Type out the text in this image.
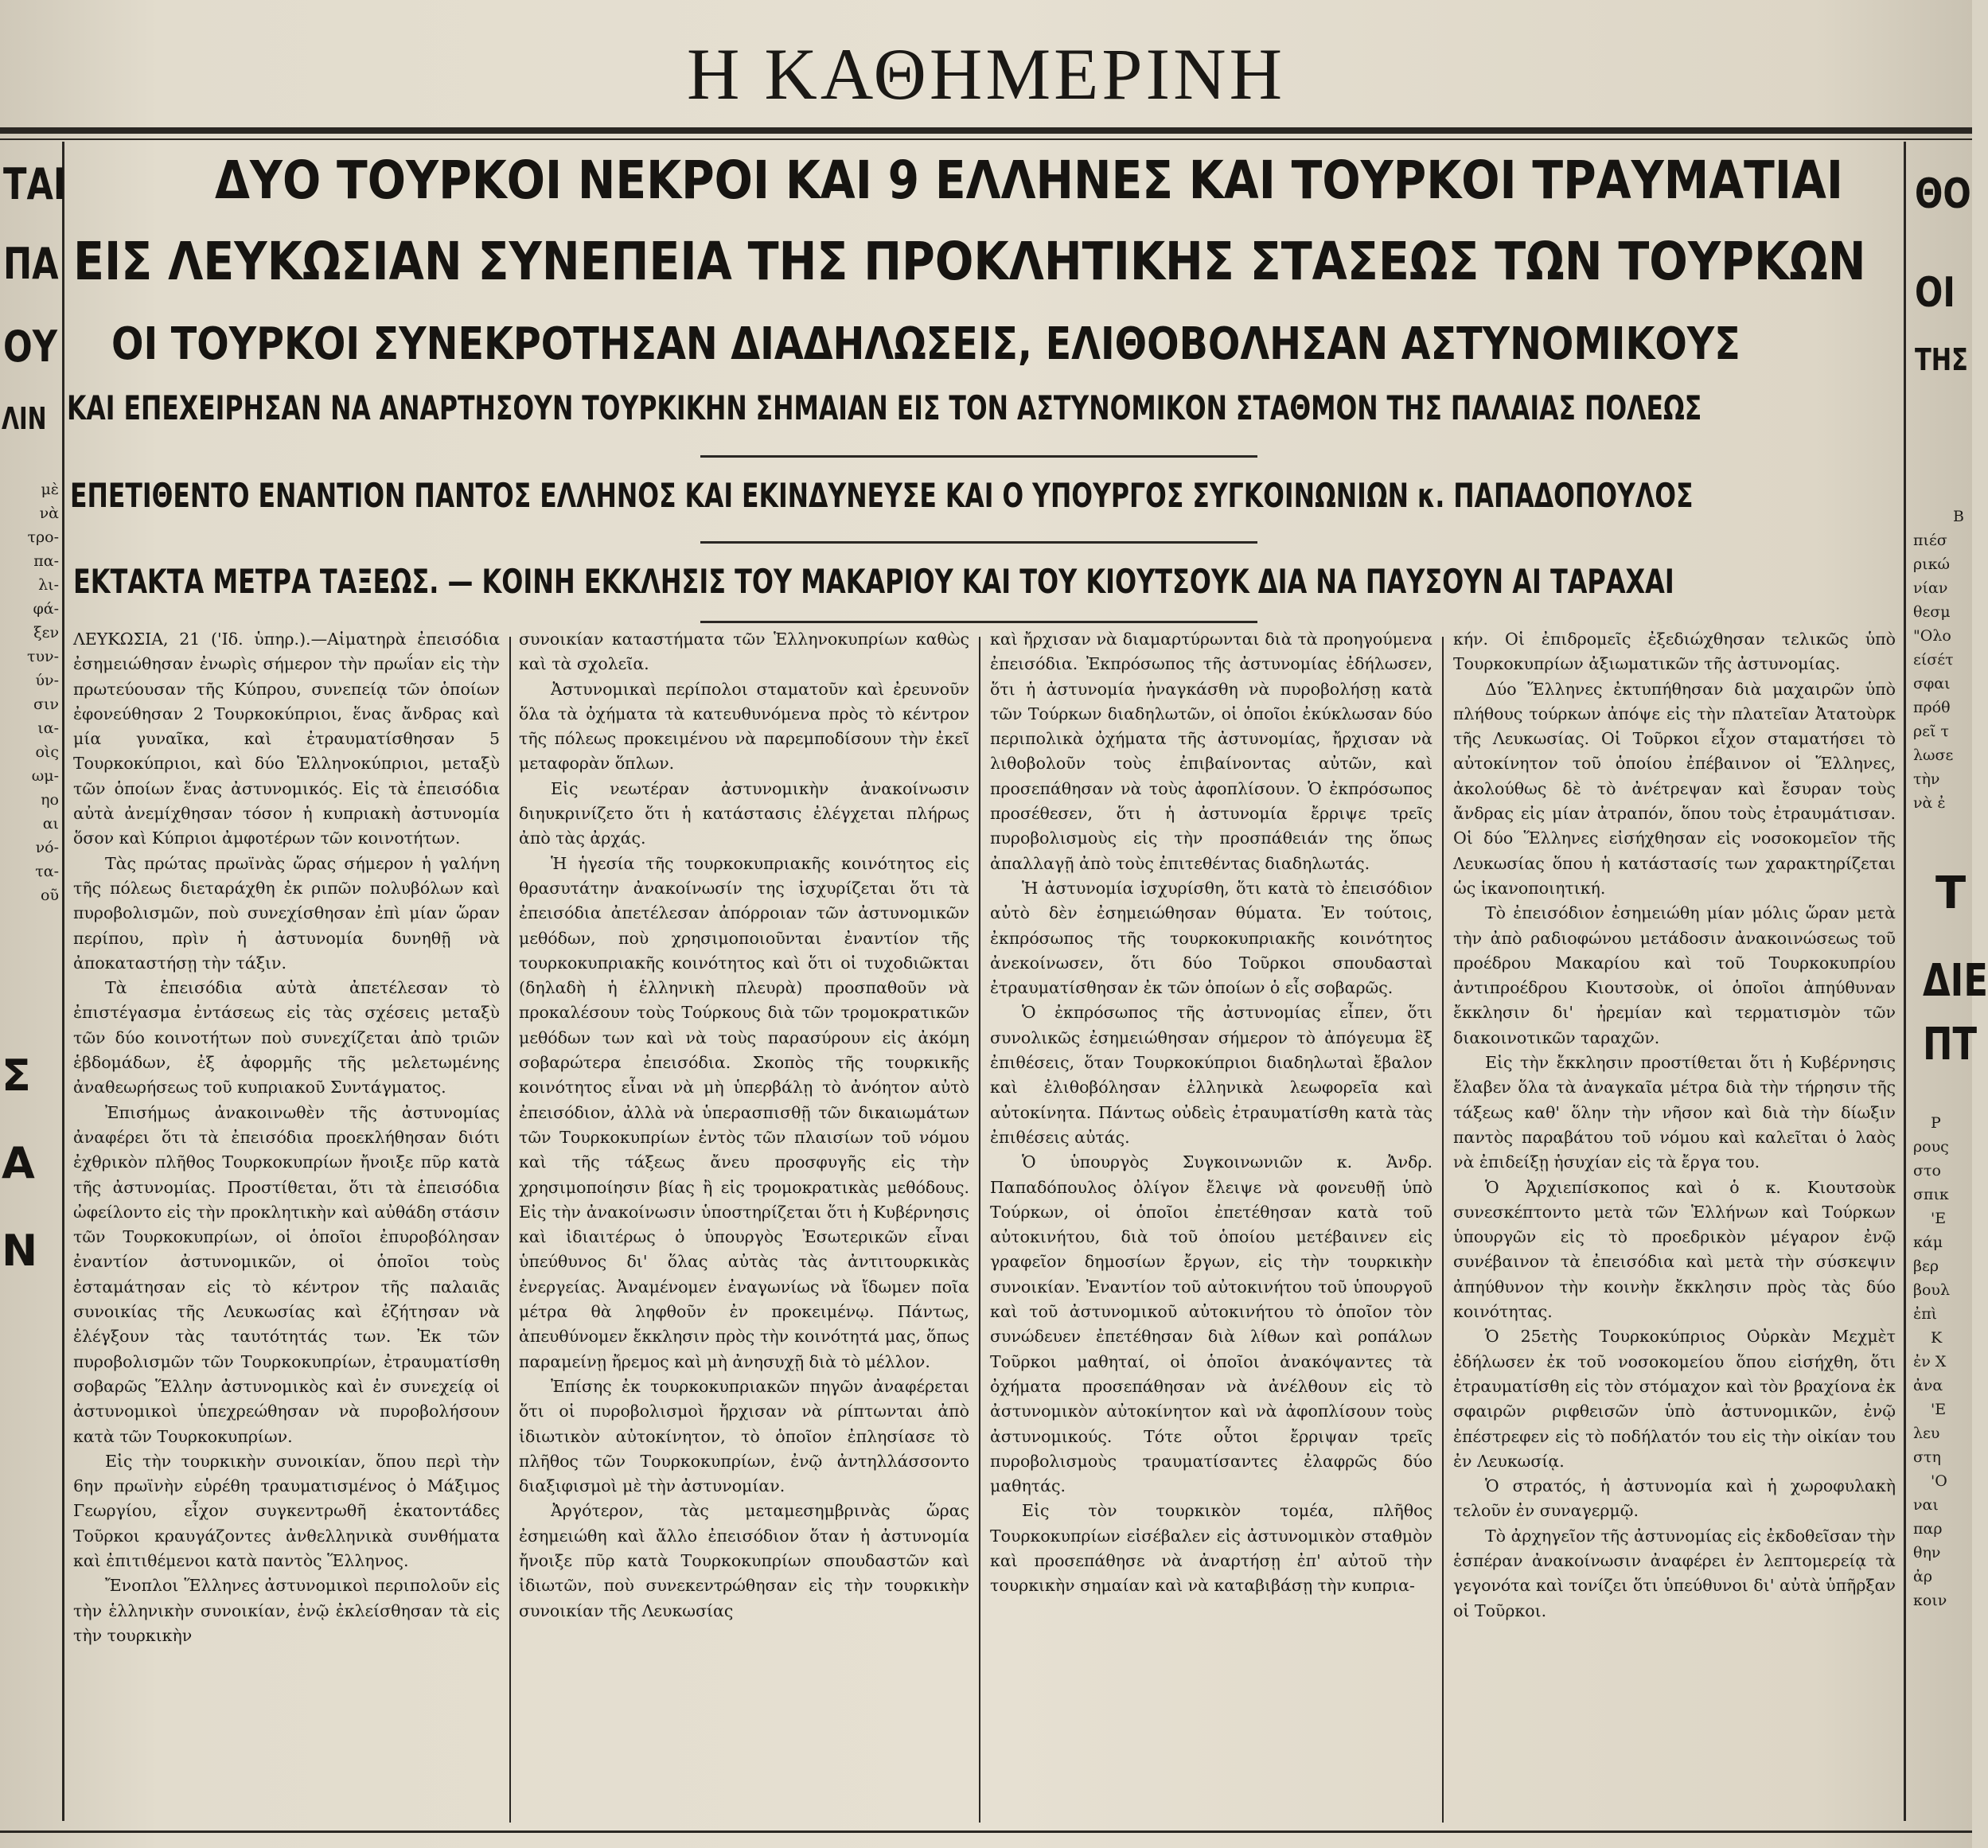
Η ΚΑΘΗΜΕΡΙΝΗ
ΔΥΟ ΤΟΥΡΚΟΙ ΝΕΚΡΟΙ ΚΑΙ 9 ΕΛΛΗΝΕΣ ΚΑΙ ΤΟΥΡΚΟΙ ΤΡΑΥΜΑΤΙΑΙ
ΕΙΣ ΛΕΥΚΩΣΙΑΝ ΣΥΝΕΠΕΙΑ ΤΗΣ ΠΡΟΚΛΗΤΙΚΗΣ ΣΤΑΣΕΩΣ ΤΩΝ ΤΟΥΡΚΩΝ
ΟΙ ΤΟΥΡΚΟΙ ΣΥΝΕΚΡΟΤΗΣΑΝ ΔΙΑΔΗΛΩΣΕΙΣ, ΕΛΙΘΟΒΟΛΗΣΑΝ ΑΣΤΥΝΟΜΙΚΟΥΣ
ΚΑΙ ΕΠΕΧΕΙΡΗΣΑΝ ΝΑ ΑΝΑΡΤΗΣΟΥΝ ΤΟΥΡΚΙΚΗΝ ΣΗΜΑΙΑΝ ΕΙΣ ΤΟΝ ΑΣΤΥΝΟΜΙΚΟΝ ΣΤΑΘΜΟΝ ΤΗΣ ΠΑΛΑΙΑΣ ΠΟΛΕΩΣ
ΕΠΕΤΙΘΕΝΤΟ ΕΝΑΝΤΙΟΝ ΠΑΝΤΟΣ ΕΛΛΗΝΟΣ ΚΑΙ ΕΚΙΝΔΥΝΕΥΣΕ ΚΑΙ Ο ΥΠΟΥΡΓΟΣ ΣΥΓΚΟΙΝΩΝΙΩΝ κ. ΠΑΠΑΔΟΠΟΥΛΟΣ
ΕΚΤΑΚΤΑ ΜΕΤΡΑ ΤΑΞΕΩΣ. — ΚΟΙΝΗ ΕΚΚΛΗΣΙΣ ΤΟΥ ΜΑΚΑΡΙΟΥ ΚΑΙ ΤΟΥ ΚΙΟΥΤΣΟΥΚ ΔΙΑ ΝΑ ΠΑΥΣΟΥΝ ΑΙ ΤΑΡΑΧΑΙ
ΤΑΙ
ΠΑ
ΟΥ
ΛΙΝ
μὲ
νὰ
τρο-
πα-
λι-
φά-
ξεν
τυν-
ύν-
σιν
ια-
οὶς
ωμ-
ηο
αι
νό-
τα-
οῦ
Σ
Α
Ν
ΘΟ
ΟΙ
ΤΗΣ
Β
πιέσ
ρικώ
νίαν
θεσμ
"Ολο
είσέτ
σφαι
πρόθ
ρεῖ τ
λωσε
τὴν
νὰ ἐ
Τ
ΔΙΕ
ΠΤ
Ρ
ρους
στο
σπικ
'Ε
κάμ
βερ
βουλ
ἐπὶ
Κ
ἐν Χ
ἀνα
'Ε
λευ
στη
'Ο
ναι
παρ
θην
ἀρ
κοιν

ΛΕΥΚΩΣΙΑ, 21 ('Ιδ. ὑπηρ.).—Αἱματηρὰ ἐπεισόδια ἐσημειώθησαν ἐνωρὶς σήμερον τὴν πρωΐαν εἰς τὴν πρωτεύουσαν τῆς Κύπρου, συνεπείᾳ τῶν ὁποίων ἐφονεύθησαν 2 Τουρκοκύπριοι, ἕνας ἄνδρας καὶ μία γυναῖκα, καὶ ἐτραυματίσθησαν 5 Τουρκοκύπριοι, καὶ δύο Ἑλληνοκύπριοι, μεταξὺ τῶν ὁποίων ἕνας ἀστυνομικός. Εἰς τὰ ἐπεισόδια αὐτὰ ἀνεμίχθησαν τόσον ἡ κυπριακὴ ἀστυνομία ὅσον καὶ Κύπριοι ἀμφοτέρων τῶν κοινοτήτων.

Τὰς πρώτας πρωϊνὰς ὥρας σήμερον ἡ γαλήνη τῆς πόλεως διεταράχθη ἐκ ριπῶν πολυβόλων καὶ πυροβολισμῶν, ποὺ συνεχίσθησαν ἐπὶ μίαν ὥραν περίπου, πρὶν ἡ ἀστυνομία δυνηθῇ νὰ ἀποκαταστήσῃ τὴν τάξιν.

Τὰ ἐπεισόδια αὐτὰ ἀπετέλεσαν τὸ ἐπιστέγασμα ἐντάσεως εἰς τὰς σχέσεις μεταξὺ τῶν δύο κοινοτήτων ποὺ συνεχίζεται ἀπὸ τριῶν ἑβδομάδων, ἐξ ἀφορμῆς τῆς μελετωμένης ἀναθεωρήσεως τοῦ κυπριακοῦ Συντάγματος.

Ἐπισήμως ἀνακοινωθὲν τῆς ἀστυνομίας ἀναφέρει ὅτι τὰ ἐπεισόδια προεκλήθησαν διότι ἐχθρικὸν πλῆθος Τουρκοκυπρίων ἤνοιξε πῦρ κατὰ τῆς ἀστυνομίας. Προστίθεται, ὅτι τὰ ἐπεισόδια ὠφείλοντο εἰς τὴν προκλητικὴν καὶ αὐθάδη στάσιν τῶν Τουρκοκυπρίων, οἱ ὁποῖοι ἐπυροβόλησαν ἐναντίον ἀστυνομικῶν, οἱ ὁποῖοι τοὺς ἐσταμάτησαν εἰς τὸ κέντρον τῆς παλαιᾶς συνοικίας τῆς Λευκωσίας καὶ ἐζήτησαν νὰ ἐλέγξουν τὰς ταυτότητάς των. Ἐκ τῶν πυροβολισμῶν τῶν Τουρκοκυπρίων, ἐτραυματίσθη σοβαρῶς Ἕλλην ἀστυνομικὸς καὶ ἐν συνεχείᾳ οἱ ἀστυνομικοὶ ὑπεχρεώθησαν νὰ πυροβολήσουν κατὰ τῶν Τουρκοκυπρίων.

Εἰς τὴν τουρκικὴν συνοικίαν, ὅπου περὶ τὴν 6ην πρωϊνὴν εὑρέθη τραυματισμένος ὁ Μάξιμος Γεωργίου, εἶχον συγκεντρωθῆ ἑκατοντάδες Τοῦρκοι κραυγάζοντες ἀνθελληνικὰ συνθήματα καὶ ἐπιτιθέμενοι κατὰ παντὸς Ἕλληνος.

Ἔνοπλοι Ἕλληνες ἀστυνομικοὶ περιπολοῦν εἰς τὴν ἑλληνικὴν συνοικίαν, ἐνῷ ἐκλείσθησαν τὰ εἰς τὴν τουρκικὴν

συνοικίαν καταστήματα τῶν Ἑλληνοκυπρίων καθὼς καὶ τὰ σχολεῖα.

Ἀστυνομικαὶ περίπολοι σταματοῦν καὶ ἐρευνοῦν ὅλα τὰ ὀχήματα τὰ κατευθυνόμενα πρὸς τὸ κέντρον τῆς πόλεως προκειμένου νὰ παρεμποδίσουν τὴν ἐκεῖ μεταφορὰν ὅπλων.

Εἰς νεωτέραν ἀστυνομικὴν ἀνακοίνωσιν διηυκρινίζετο ὅτι ἡ κατάστασις ἐλέγχεται πλήρως ἀπὸ τὰς ἀρχάς.

Ἡ ἡγεσία τῆς τουρκοκυπριακῆς κοινότητος εἰς θρασυτάτην ἀνακοίνωσίν της ἰσχυρίζεται ὅτι τὰ ἐπεισόδια ἀπετέλεσαν ἀπόρροιαν τῶν ἀστυνομικῶν μεθόδων, ποὺ χρησιμοποιοῦνται ἐναντίον τῆς τουρκοκυπριακῆς κοινότητος καὶ ὅτι οἱ τυχοδιῶκται (δηλαδὴ ἡ ἑλληνικὴ πλευρὰ) προσπαθοῦν νὰ προκαλέσουν τοὺς Τούρκους διὰ τῶν τρομοκρατικῶν μεθόδων των καὶ νὰ τοὺς παρασύρουν εἰς ἀκόμη σοβαρώτερα ἐπεισόδια. Σκοπὸς τῆς τουρκικῆς κοινότητος εἶναι νὰ μὴ ὑπερβάλῃ τὸ ἀνόητον αὐτὸ ἐπεισόδιον, ἀλλὰ νὰ ὑπερασπισθῇ τῶν δικαιωμάτων τῶν Τουρκοκυπρίων ἐντὸς τῶν πλαισίων τοῦ νόμου καὶ τῆς τάξεως ἄνευ προσφυγῆς εἰς τὴν χρησιμοποίησιν βίας ἢ εἰς τρομοκρατικὰς μεθόδους. Εἰς τὴν ἀνακοίνωσιν ὑποστηρίζεται ὅτι ἡ Κυβέρνησις καὶ ἰδιαιτέρως ὁ ὑπουργὸς Ἐσωτερικῶν εἶναι ὑπεύθυνος δι' ὅλας αὐτὰς τὰς ἀντιτουρκικὰς ἐνεργείας. Ἀναμένομεν ἐναγωνίως νὰ ἴδωμεν ποῖα μέτρα θὰ ληφθοῦν ἐν προκειμένῳ. Πάντως, ἀπευθύνομεν ἔκκλησιν πρὸς τὴν κοινότητά μας, ὅπως παραμείνῃ ἤρεμος καὶ μὴ ἀνησυχῇ διὰ τὸ μέλλον.

Ἐπίσης ἐκ τουρκοκυπριακῶν πηγῶν ἀναφέρεται ὅτι οἱ πυροβολισμοὶ ἤρχισαν νὰ ρίπτωνται ἀπὸ ἰδιωτικὸν αὐτοκίνητον, τὸ ὁποῖον ἐπλησίασε τὸ πλῆθος τῶν Τουρκοκυπρίων, ἐνῷ ἀντηλλάσσοντο διαξιφισμοὶ μὲ τὴν ἀστυνομίαν.

Ἀργότερον, τὰς μεταμεσημβρινὰς ὥρας ἐσημειώθη καὶ ἄλλο ἐπεισόδιον ὅταν ἡ ἀστυνομία ἤνοιξε πῦρ κατὰ Τουρκοκυπρίων σπουδαστῶν καὶ ἰδιωτῶν, ποὺ συνεκεντρώθησαν εἰς τὴν τουρκικὴν συνοικίαν τῆς Λευκωσίας

καὶ ἤρχισαν νὰ διαμαρτύρωνται διὰ τὰ προηγούμενα ἐπεισόδια. Ἐκπρόσωπος τῆς ἀστυνομίας ἐδήλωσεν, ὅτι ἡ ἀστυνομία ἠναγκάσθη νὰ πυροβολήσῃ κατὰ τῶν Τούρκων διαδηλωτῶν, οἱ ὁποῖοι ἐκύκλωσαν δύο περιπολικὰ ὀχήματα τῆς ἀστυνομίας, ἤρχισαν νὰ λιθοβολοῦν τοὺς ἐπιβαίνοντας αὐτῶν, καὶ προσεπάθησαν νὰ τοὺς ἀφοπλίσουν. Ὁ ἐκπρόσωπος προσέθεσεν, ὅτι ἡ ἀστυνομία ἔρριψε τρεῖς πυροβολισμοὺς εἰς τὴν προσπάθειάν της ὅπως ἀπαλλαγῇ ἀπὸ τοὺς ἐπιτεθέντας διαδηλωτάς.

Ἡ ἀστυνομία ἰσχυρίσθη, ὅτι κατὰ τὸ ἐπεισόδιον αὐτὸ δὲν ἐσημειώθησαν θύματα. Ἐν τούτοις, ἐκπρόσωπος τῆς τουρκοκυπριακῆς κοινότητος ἀνεκοίνωσεν, ὅτι δύο Τοῦρκοι σπουδασταὶ ἐτραυματίσθησαν ἐκ τῶν ὁποίων ὁ εἷς σοβαρῶς.

Ὁ ἐκπρόσωπος τῆς ἀστυνομίας εἶπεν, ὅτι συνολικῶς ἐσημειώθησαν σήμερον τὸ ἀπόγευμα ἓξ ἐπιθέσεις, ὅταν Τουρκοκύπριοι διαδηλωταὶ ἔβαλον καὶ ἐλιθοβόλησαν ἑλληνικὰ λεωφορεῖα καὶ αὐτοκίνητα. Πάντως οὐδεὶς ἐτραυματίσθη κατὰ τὰς ἐπιθέσεις αὐτάς.

Ὁ ὑπουργὸς Συγκοινωνιῶν κ. Ἀνδρ. Παπαδόπουλος ὀλίγον ἔλειψε νὰ φονευθῇ ὑπὸ Τούρκων, οἱ ὁποῖοι ἐπετέθησαν κατὰ τοῦ αὐτοκινήτου, διὰ τοῦ ὁποίου μετέβαινεν εἰς γραφεῖον δημοσίων ἔργων, εἰς τὴν τουρκικὴν συνοικίαν. Ἐναντίον τοῦ αὐτοκινήτου τοῦ ὑπουργοῦ καὶ τοῦ ἀστυνομικοῦ αὐτοκινήτου τὸ ὁποῖον τὸν συνώδευεν ἐπετέθησαν διὰ λίθων καὶ ροπάλων Τοῦρκοι μαθηταί, οἱ ὁποῖοι ἀνακόψαντες τὰ ὀχήματα προσεπάθησαν νὰ ἀνέλθουν εἰς τὸ ἀστυνομικὸν αὐτοκίνητον καὶ νὰ ἀφοπλίσουν τοὺς ἀστυνομικούς. Τότε οὗτοι ἔρριψαν τρεῖς πυροβολισμοὺς τραυματίσαντες ἐλαφρῶς δύο μαθητάς.

Εἰς τὸν τουρκικὸν τομέα, πλῆθος Τουρκοκυπρίων εἰσέβαλεν εἰς ἀστυνομικὸν σταθμὸν καὶ προσεπάθησε νὰ ἀναρτήσῃ ἐπ' αὐτοῦ τὴν τουρκικὴν σημαίαν καὶ νὰ καταβιβάσῃ τὴν κυπρια-

κήν. Οἱ ἐπιδρομεῖς ἐξεδιώχθησαν τελικῶς ὑπὸ Τουρκοκυπρίων ἀξιωματικῶν τῆς ἀστυνομίας.

Δύο Ἕλληνες ἐκτυπήθησαν διὰ μαχαιρῶν ὑπὸ πλήθους τούρκων ἀπόψε εἰς τὴν πλατεῖαν Ἀτατοὺρκ τῆς Λευκωσίας. Οἱ Τοῦρκοι εἶχον σταματήσει τὸ αὐτοκίνητον τοῦ ὁποίου ἐπέβαινον οἱ Ἕλληνες, ἀκολούθως δὲ τὸ ἀνέτρεψαν καὶ ἔσυραν τοὺς ἄνδρας εἰς μίαν ἀτραπόν, ὅπου τοὺς ἐτραυμάτισαν. Οἱ δύο Ἕλληνες εἰσήχθησαν εἰς νοσοκομεῖον τῆς Λευκωσίας ὅπου ἡ κατάστασίς των χαρακτηρίζεται ὡς ἱκανοποιητική.

Τὸ ἐπεισόδιον ἐσημειώθη μίαν μόλις ὥραν μετὰ τὴν ἀπὸ ραδιοφώνου μετάδοσιν ἀνακοινώσεως τοῦ προέδρου Μακαρίου καὶ τοῦ Τουρκοκυπρίου ἀντιπροέδρου Κιουτσοὺκ, οἱ ὁποῖοι ἀπηύθυναν ἔκκλησιν δι' ἠρεμίαν καὶ τερματισμὸν τῶν διακοινοτικῶν ταραχῶν.

Εἰς τὴν ἔκκλησιν προστίθεται ὅτι ἡ Κυβέρνησις ἔλαβεν ὅλα τὰ ἀναγκαῖα μέτρα διὰ τὴν τήρησιν τῆς τάξεως καθ' ὅλην τὴν νῆσον καὶ διὰ τὴν δίωξιν παντὸς παραβάτου τοῦ νόμου καὶ καλεῖται ὁ λαὸς νὰ ἐπιδείξῃ ἡσυχίαν εἰς τὰ ἔργα του.

Ὁ Ἀρχιεπίσκοπος καὶ ὁ κ. Κιουτσοὺκ συνεσκέπτοντο μετὰ τῶν Ἑλλήνων καὶ Τούρκων ὑπουργῶν εἰς τὸ προεδρικὸν μέγαρον ἐνῷ συνέβαινον τὰ ἐπεισόδια καὶ μετὰ τὴν σύσκεψιν ἀπηύθυνον τὴν κοινὴν ἔκκλησιν πρὸς τὰς δύο κοινότητας.

Ὁ 25ετὴς Τουρκοκύπριος Οὐρκὰν Μεχμὲτ ἐδήλωσεν ἐκ τοῦ νοσοκομείου ὅπου εἰσήχθη, ὅτι ἐτραυματίσθη εἰς τὸν στόμαχον καὶ τὸν βραχίονα ἐκ σφαιρῶν ριφθεισῶν ὑπὸ ἀστυνομικῶν, ἐνῷ ἐπέστρεφεν εἰς τὸ ποδήλατόν του εἰς τὴν οἰκίαν του ἐν Λευκωσίᾳ.

Ὁ στρατός, ἡ ἀστυνομία καὶ ἡ χωροφυλακὴ τελοῦν ἐν συναγερμῷ.

Τὸ ἀρχηγεῖον τῆς ἀστυνομίας εἰς ἐκδοθεῖσαν τὴν ἑσπέραν ἀνακοίνωσιν ἀναφέρει ἐν λεπτομερείᾳ τὰ γεγονότα καὶ τονίζει ὅτι ὑπεύθυνοι δι' αὐτὰ ὑπῆρξαν οἱ Τοῦρκοι.
